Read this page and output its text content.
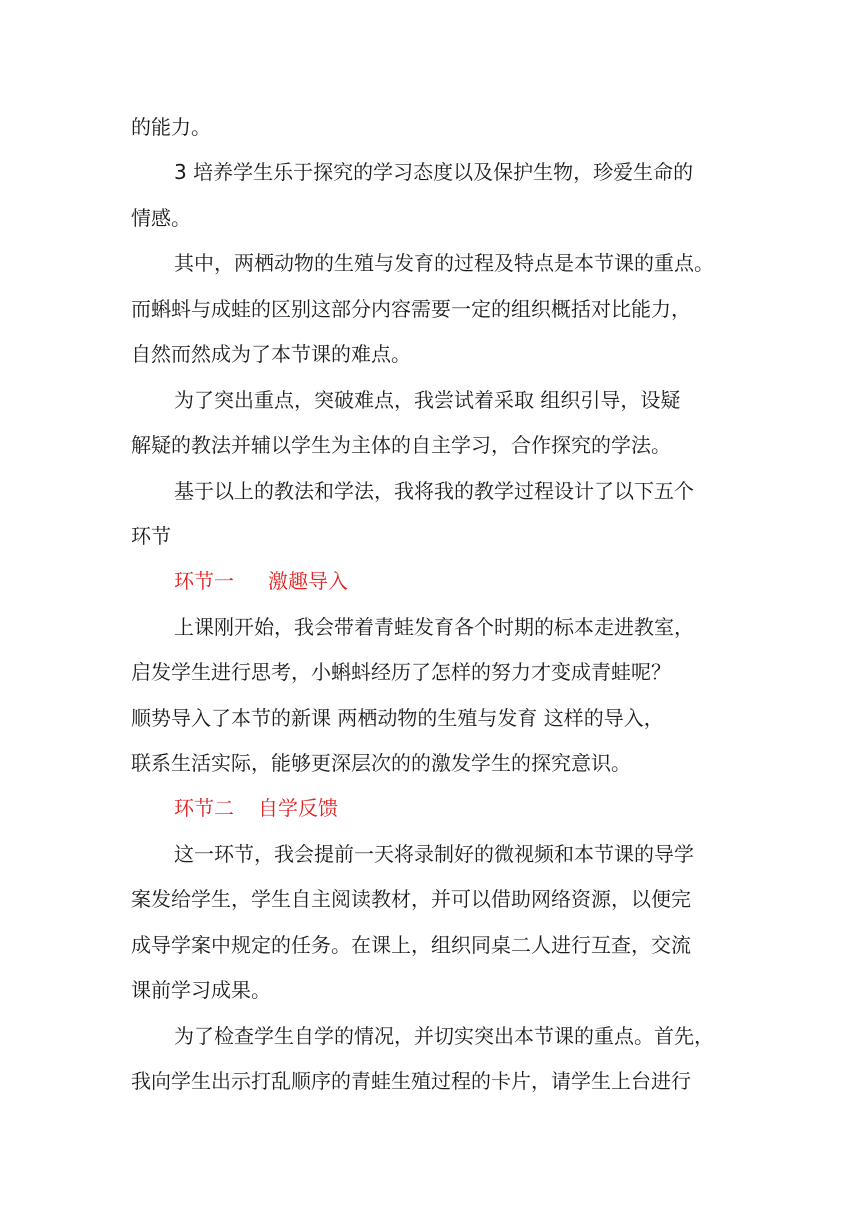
的能力。
3 培养学生乐于探究的学习态度以及保护生物，珍爱生命的
情感。
其中，两栖动物的生殖与发育的过程及特点是本节课的重点。
而蝌蚪与成蛙的区别这部分内容需要一定的组织概括对比能力，
自然而然成为了本节课的难点。
为了突出重点，突破难点，我尝试着采取 组织引导，设疑
解疑的教法并辅以学生为主体的自主学习，合作探究的学法。
基于以上的教法和学法，我将我的教学过程设计了以下五个
环节
环节一 激趣导入
上课刚开始，我会带着青蛙发育各个时期的标本走进教室，
启发学生进行思考，小蝌蚪经历了怎样的努力才变成青蛙呢？
顺势导入了本节的新课 两栖动物的生殖与发育 这样的导入，
联系生活实际，能够更深层次的的激发学生的探究意识。
环节二 自学反馈
这一环节，我会提前一天将录制好的微视频和本节课的导学
案发给学生，学生自主阅读教材，并可以借助网络资源，以便完
成导学案中规定的任务。在课上，组织同桌二人进行互查，交流
课前学习成果。
为了检查学生自学的情况，并切实突出本节课的重点。首先，
我向学生出示打乱顺序的青蛙生殖过程的卡片，请学生上台进行
